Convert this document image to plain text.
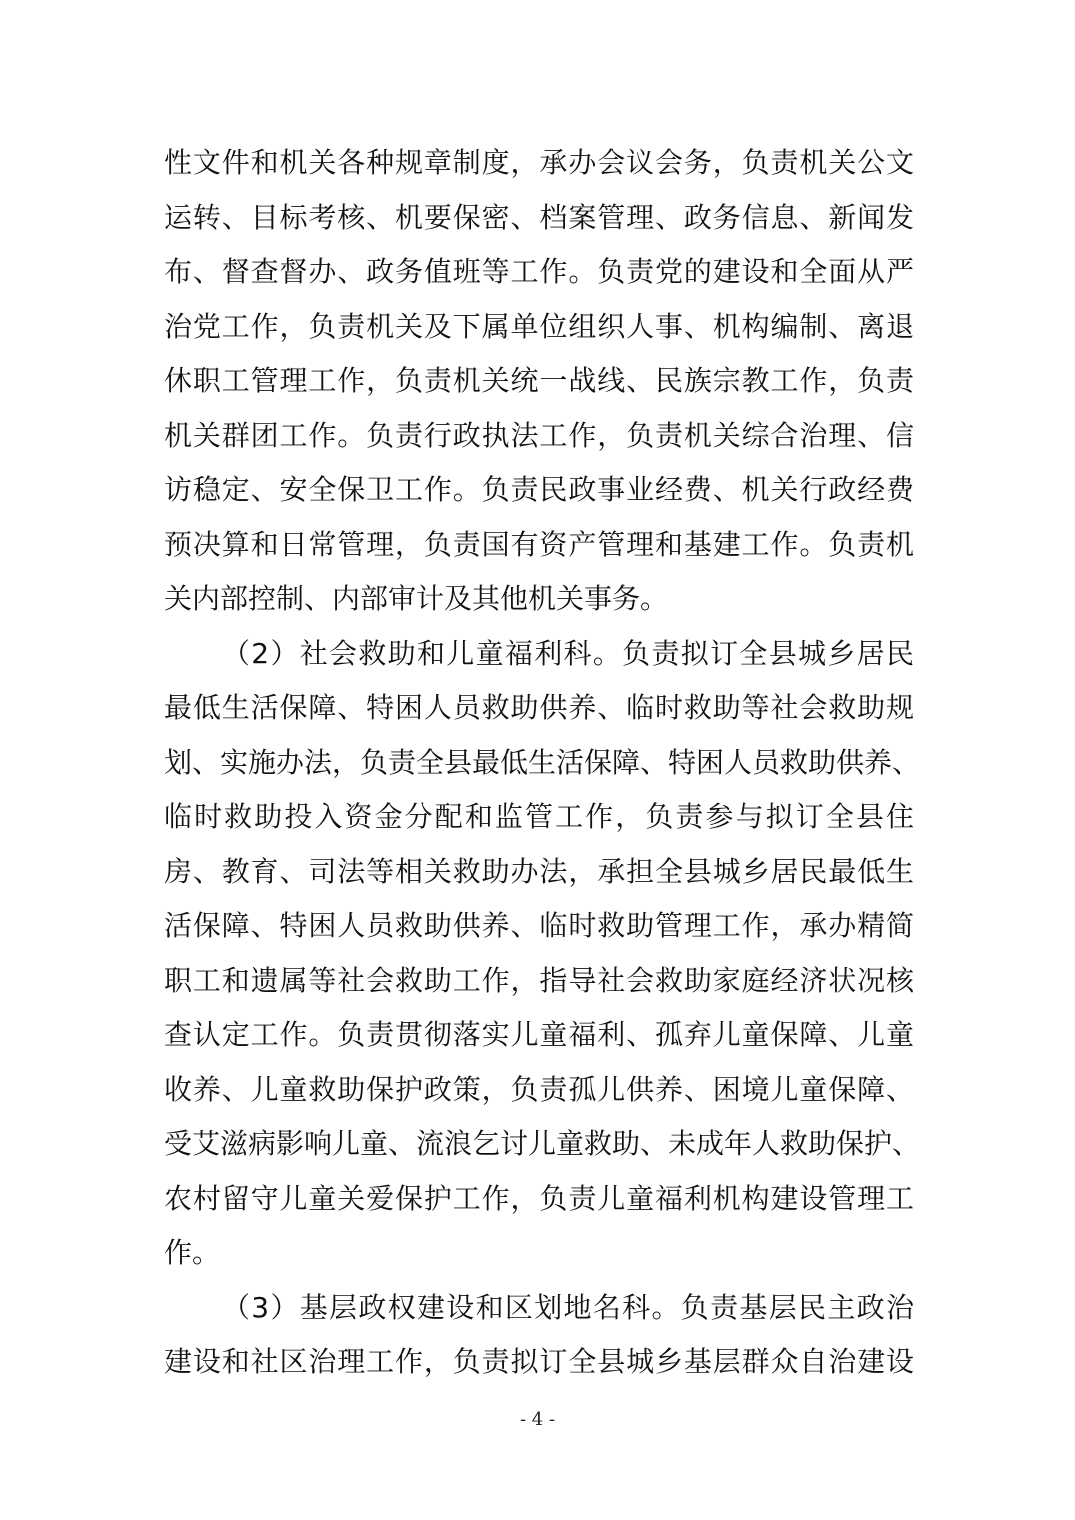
性文件和机关各种规章制度，承办会议会务，负责机关公文
运转、目标考核、机要保密、档案管理、政务信息、新闻发
布、督查督办、政务值班等工作。负责党的建设和全面从严
治党工作，负责机关及下属单位组织人事、机构编制、离退
休职工管理工作，负责机关统一战线、民族宗教工作，负责
机关群团工作。负责行政执法工作，负责机关综合治理、信
访稳定、安全保卫工作。负责民政事业经费、机关行政经费
预决算和日常管理，负责国有资产管理和基建工作。负责机
关内部控制、内部审计及其他机关事务。
（2）社会救助和儿童福利科。负责拟订全县城乡居民
最低生活保障、特困人员救助供养、临时救助等社会救助规
划、实施办法，负责全县最低生活保障、特困人员救助供养、
临时救助投入资金分配和监管工作，负责参与拟订全县住
房、教育、司法等相关救助办法，承担全县城乡居民最低生
活保障、特困人员救助供养、临时救助管理工作，承办精简
职工和遗属等社会救助工作，指导社会救助家庭经济状况核
查认定工作。负责贯彻落实儿童福利、孤弃儿童保障、儿童
收养、儿童救助保护政策，负责孤儿供养、困境儿童保障、
受艾滋病影响儿童、流浪乞讨儿童救助、未成年人救助保护、
农村留守儿童关爱保护工作，负责儿童福利机构建设管理工
作。
（3）基层政权建设和区划地名科。负责基层民主政治
建设和社区治理工作，负责拟订全县城乡基层群众自治建设
- 4 -
